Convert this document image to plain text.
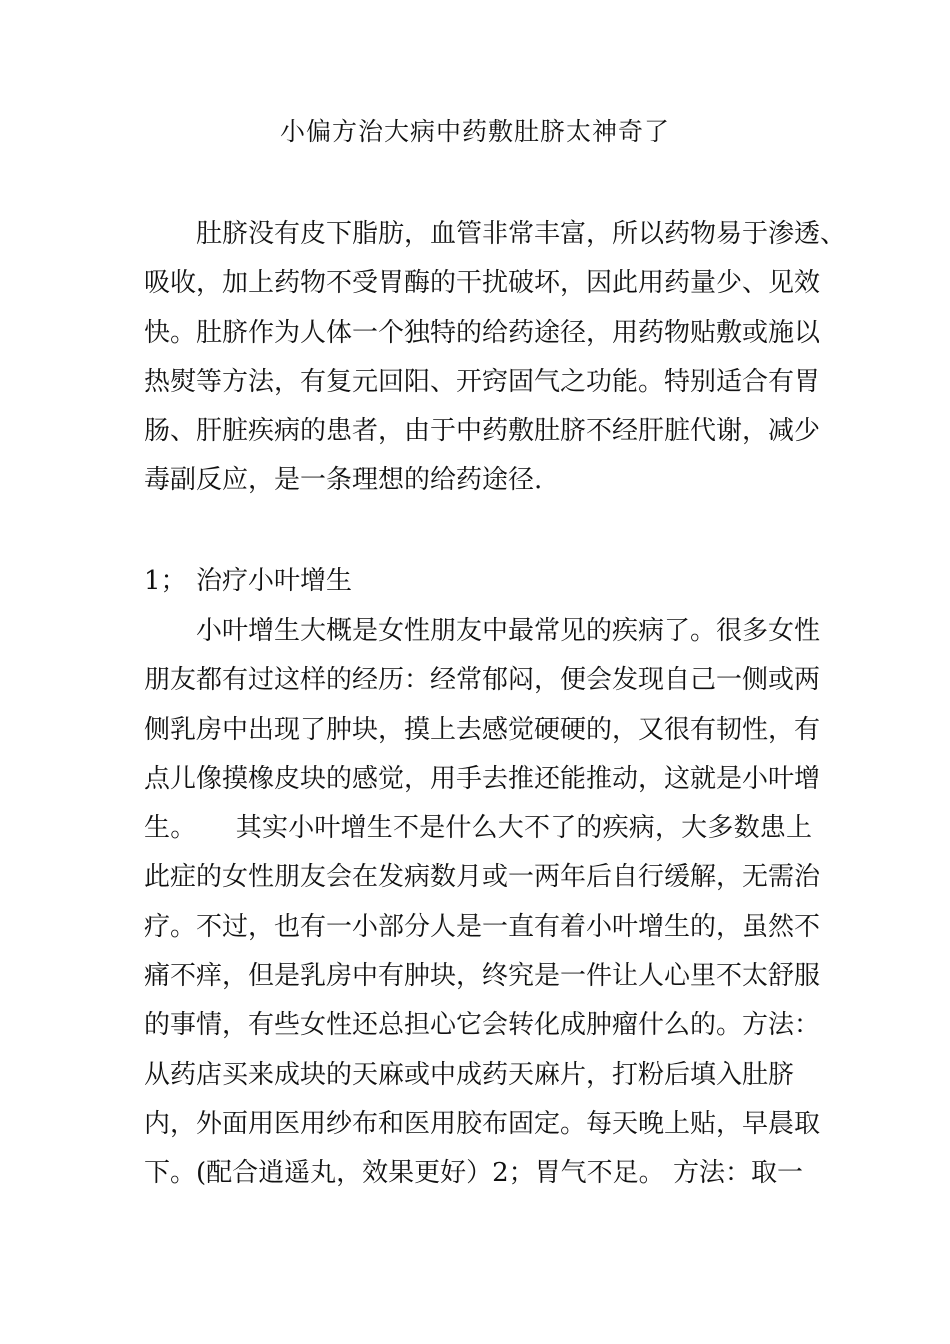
小偏方治大病中药敷肚脐太神奇了
肚脐没有皮下脂肪，血管非常丰富，所以药物易于渗透、
吸收，加上药物不受胃酶的干扰破坏，因此用药量少、见效
快。肚脐作为人体一个独特的给药途径，用药物贴敷或施以
热熨等方法，有复元回阳、开窍固气之功能。特别适合有胃
肠、肝脏疾病的患者，由于中药敷肚脐不经肝脏代谢，减少
毒副反应，是一条理想的给药途径.
1； 治疗小叶增生
小叶增生大概是女性朋友中最常见的疾病了。很多女性
朋友都有过这样的经历：经常郁闷，便会发现自己一侧或两
侧乳房中出现了肿块，摸上去感觉硬硬的，又很有韧性，有
点儿像摸橡皮块的感觉，用手去推还能推动，这就是小叶增
生。　　其实小叶增生不是什么大不了的疾病，大多数患上
此症的女性朋友会在发病数月或一两年后自行缓解，无需治
疗。不过，也有一小部分人是一直有着小叶增生的，虽然不
痛不痒，但是乳房中有肿块，终究是一件让人心里不太舒服
的事情，有些女性还总担心它会转化成肿瘤什么的。方法：
从药店买来成块的天麻或中成药天麻片，打粉后填入肚脐
内，外面用医用纱布和医用胶布固定。每天晚上贴，早晨取
下。(配合逍遥丸，效果更好）2；胃气不足。 方法：取一
